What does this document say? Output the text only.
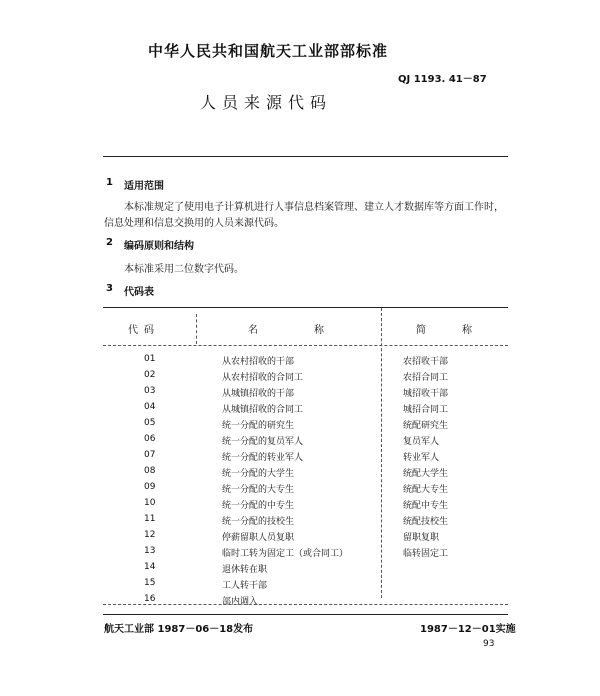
中华人民共和国航天工业部部标准
QJ 1193. 41－87
人员来源代码
1 适用范围
本标准规定了使用电子计算机进行人事信息档案管理、建立人才数据库等方面工作时，
信息处理和信息交换用的人员来源代码。
2 编码原则和结构
本标准采用二位数字代码。
3 代码表
代码	名称	简称
01	从农村招收的干部	农招收干部
02	从农村招收的合同工	农招合同工
03	从城镇招收的干部	城招收干部
04	从城镇招收的合同工	城招合同工
05	统一分配的研究生	统配研究生
06	统一分配的复员军人	复员军人
07	统一分配的转业军人	转业军人
08	统一分配的大学生	统配大学生
09	统一分配的大专生	统配大专生
10	统一分配的中专生	统配中专生
11	统一分配的技校生	统配技校生
12	停薪留职人员复职	留职复职
13	临时工转为固定工（或合同工）	临转固定工
14	退休转在职
15	工人转干部
16	部内调入
航天工业部 1987－06－18发布	1987－12－01实施
93
